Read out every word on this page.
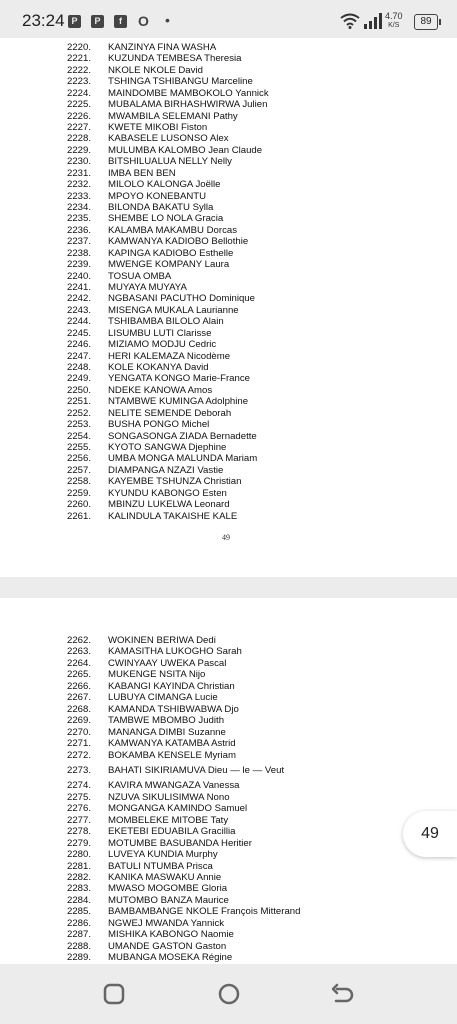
23:24 P	P	f	O •	4.70
K/S	89
2220.	KANZINYA FINA WASHA
2221.	KUZUNDA TEMBESA Theresia
2222.	NKOLE NKOLE David
2223.	TSHINGA TSHIBANGU Marceline
2224.	MAINDOMBE MAMBOKOLO Yannick
2225.	MUBALAMA BIRHASHWIRWA Julien
2226.	MWAMBILA SELEMANI Pathy
2227.	KWETE MIKOBI Fiston
2228.	KABASELE LUSONSO Alex
2229.	MULUMBA KALOMBO Jean Claude
2230.	BITSHILUALUA NELLY Nelly
2231.	IMBA BEN BEN
2232.	MILOLO KALONGA Joëlle
2233.	MPOYO KONEBANTU
2234.	BILONDA BAKATU Sylla
2235.	SHEMBE LO NOLA Gracia
2236.	KALAMBA MAKAMBU Dorcas
2237.	KAMWANYA KADIOBO Bellothie
2238.	KAPINGA KADIOBO Esthelle
2239.	MWENGE KOMPANY Laura
2240.	TOSUA OMBA
2241.	MUYAYA MUYAYA
2242.	NGBASANI PACUTHO Dominique
2243.	MISENGA MUKALA Laurianne
2244.	TSHIBAMBA BILOLO Alain
2245.	LISUMBU LUTI Clarisse
2246.	MIZIAMO MODJU Cedric
2247.	HERI KALEMAZA Nicodème
2248.	KOLE KOKANYA David
2249.	YENGATA KONGO Marie-France
2250.	NDEKE KANOWA Amos
2251.	NTAMBWE KUMINGA Adolphine
2252.	NELITE SEMENDE Deborah
2253.	BUSHA PONGO Michel
2254.	SONGASONGA ZIADA Bernadette
2255.	KYOTO SANGWA Djephine
2256.	UMBA MONGA MALUNDA Mariam
2257.	DIAMPANGA NZAZI Vastie
2258.	KAYEMBE TSHUNZA Christian
2259.	KYUNDU KABONGO Esten
2260.	MBINZU LUKELWA Leonard
2261.	KALINDULA TAKAISHE KALE
49
2262.	WOKINEN BERIWA Dedi
2263.	KAMASITHA LUKOGHO Sarah
2264.	CWINYAAY UWEKA Pascal
2265.	MUKENGE NSITA Nijo
2266.	KABANGI KAYINDA Christian
2267.	LUBUYA CIMANGA Lucie
2268.	KAMANDA TSHIBWABWA Djo
2269.	TAMBWE MBOMBO Judith
2270.	MANANGA DIMBI Suzanne
2271.	KAMWANYA KATAMBA Astrid
2272.	BOKAMBA KENSELE Myriam
2273.	BAHATI SIKIRIAMUVA Dieu — le — Veut
2274.	KAVIRA MWANGAZA Vanessa
2275.	NZUVA SIKULISIMWA Nono
2276.	MONGANGA KAMINDO Samuel
2277.	MOMBELEKE MITOBE Taty
2278.	EKETEBI EDUABILA Gracillia
2279.	MOTUMBE BASUBANDA Heritier
2280.	LUVEYA KUNDIA Murphy
2281.	BATULI NTUMBA Prisca
2282.	KANIKA MASWAKU Annie
2283.	MWASO MOGOMBE Gloria
2284.	MUTOMBO BANZA Maurice
2285.	BAMBAMBANGE NKOLE François Mitterand
2286.	NGWEJ MWANDA Yannick
2287.	MISHIKA KABONGO Naomie
2288.	UMANDE GASTON Gaston
2289.	MUBANGA MOSEKA Régine
49
